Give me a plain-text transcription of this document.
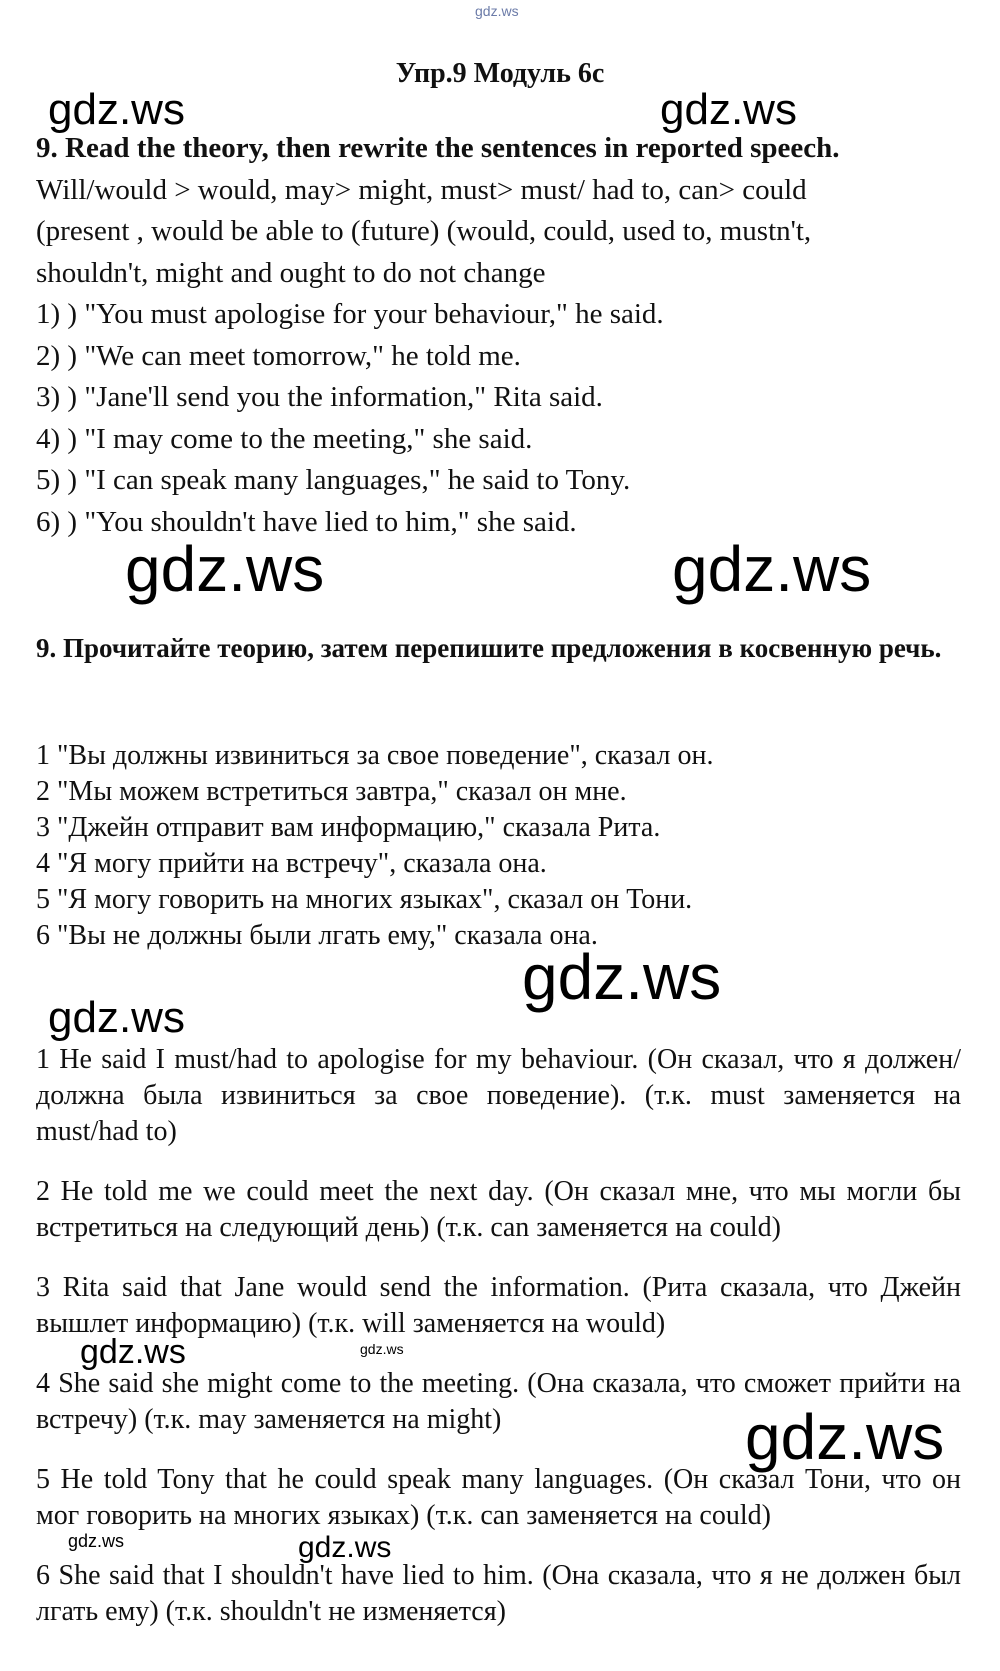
gdz.ws
gdz.ws	gdz.ws
gdz.ws	gdz.ws
gdz.ws
gdz.ws
gdz.ws	gdz.ws
gdz.ws
gdz.ws	gdz.ws
Упр.9 Модуль 6c
9. Read the theory, then rewrite the sentences in reported speech.
Will/would > would, may> might, must> must/ had to, can> could
(present , would be able to (future) (would, could, used to, mustn't,
shouldn't, might and ought to do not change
1) ) "You must apologise for your behaviour," he said.
2) ) "We can meet tomorrow," he told me.
3) ) "Jane'll send you the information," Rita said.
4) ) "I may come to the meeting," she said.
5) ) "I can speak many languages," he said to Tony.
6) ) "You shouldn't have lied to him," she said.
9. Прочитайте теорию, затем перепишите предложения в косвенную речь.
1 "Вы должны извиниться за свое поведение", сказал он.
2 "Мы можем встретиться завтра," сказал он мне.
3 "Джейн отправит вам информацию," сказала Рита.
4 "Я могу прийти на встречу", сказала она.
5 "Я могу говорить на многих языках", сказал он Тони.
6 "Вы не должны были лгать ему," сказала она.
1 He said I must/had to apologise for my behaviour. (Он сказал, что я должен/должна была извиниться за свое поведение). (т.к. must заменяется на must/had to)
2 He told me we could meet the next day. (Он сказал мне, что мы могли бы встретиться на следующий день) (т.к. can заменяется на could)
3 Rita said that Jane would send the information. (Рита сказала, что Джейн вышлет информацию) (т.к. will заменяется на would)
4 She said she might come to the meeting. (Она сказала, что сможет прийти на встречу) (т.к. may заменяется на might)
5 He told Tony that he could speak many languages. (Он сказал Тони, что он мог говорить на многих языках) (т.к. can заменяется на could)
6 She said that I shouldn't have lied to him. (Она сказала, что я не должен был лгать ему) (т.к. shouldn't не изменяется)
